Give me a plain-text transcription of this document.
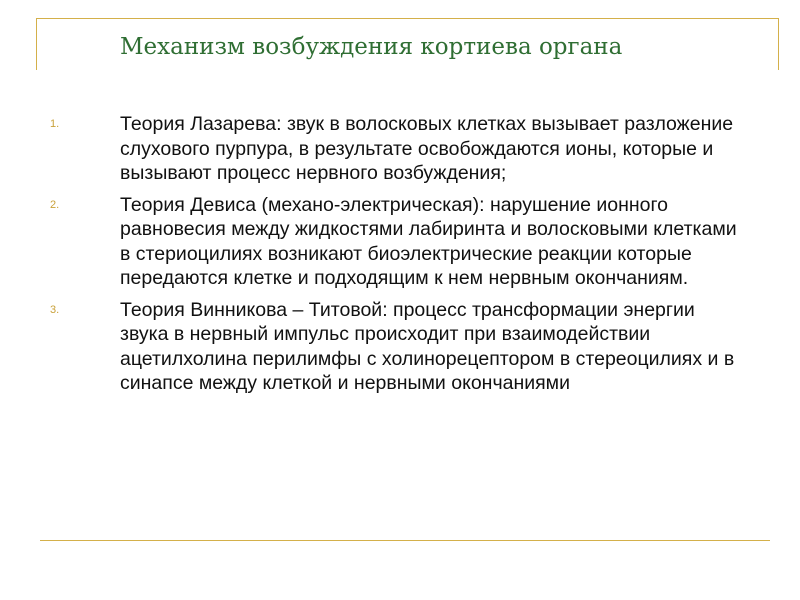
Механизм возбуждения кортиева органа
1.	Теория Лазарева: звук в волосковых клетках вызывает разложение слухового пурпура, в результате освобождаются ионы, которые и вызывают процесс нервного возбуждения;
2.	Теория Девиса (механо-электрическая): нарушение ионного равновесия между жидкостями лабиринта и волосковыми клетками в стериоцилиях возникают биоэлектрические реакции которые передаются клетке и подходящим к нем нервным окончаниям.
3.	Теория Винникова – Титовой: процесс трансформации энергии звука в нервный импульс происходит при взаимодействии ацетилхолина перилимфы с холинорецептором в стереоцилиях и в синапсе между клеткой и нервными окончаниями
